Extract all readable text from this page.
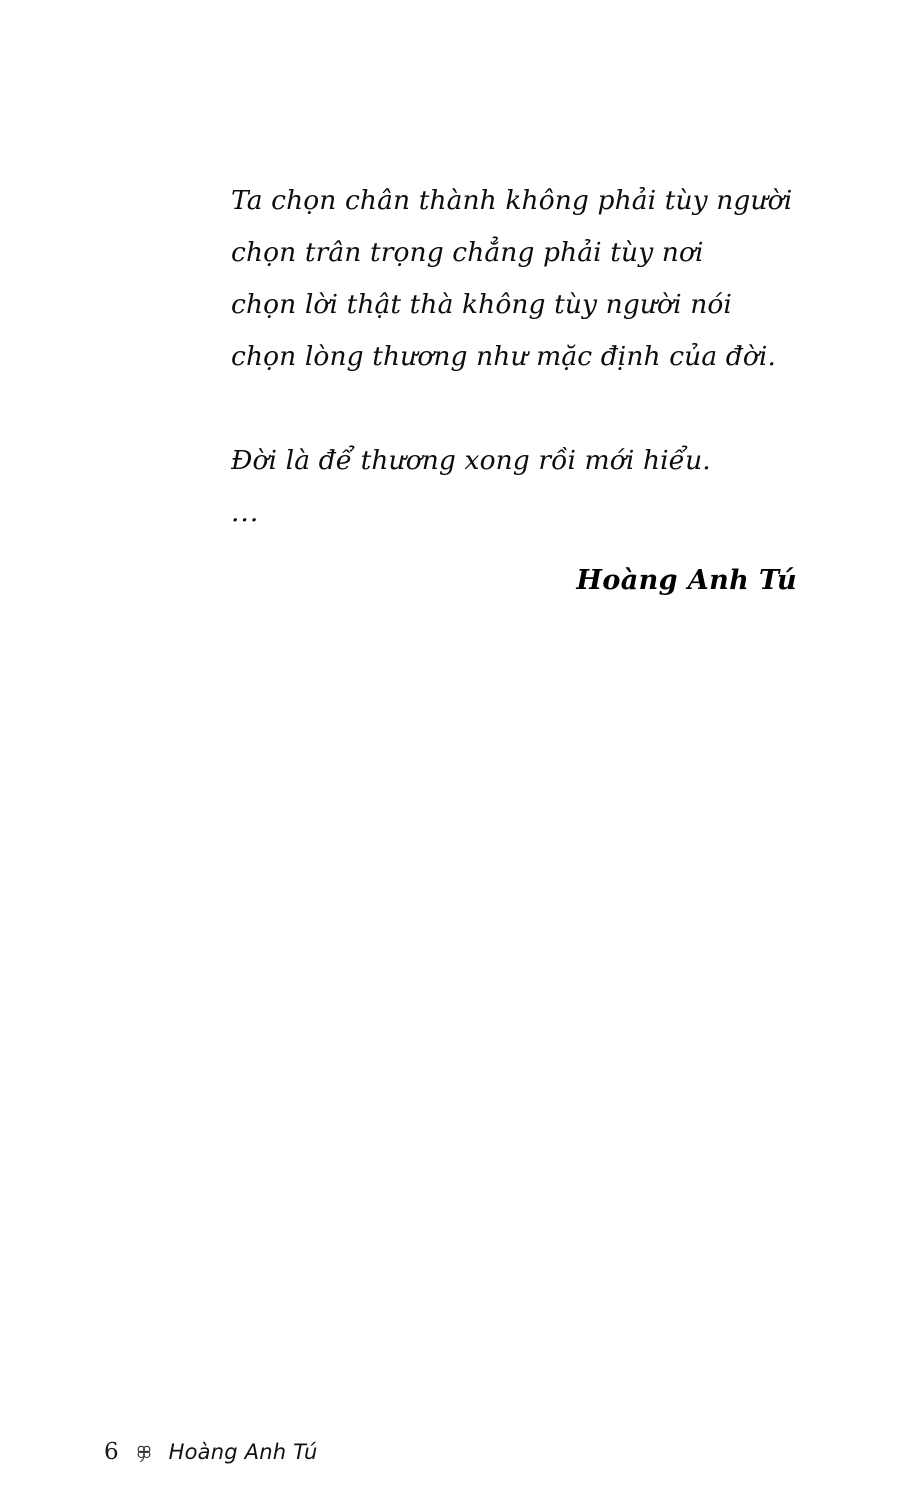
Ta chọn chân thành không phải tùy người
chọn trân trọng chẳng phải tùy nơi
chọn lời thật thà không tùy người nói
chọn lòng thương như mặc định của đời.
Đời là để thương xong rồi mới hiểu.
...
Hoàng Anh Tú
6 Hoàng Anh Tú
